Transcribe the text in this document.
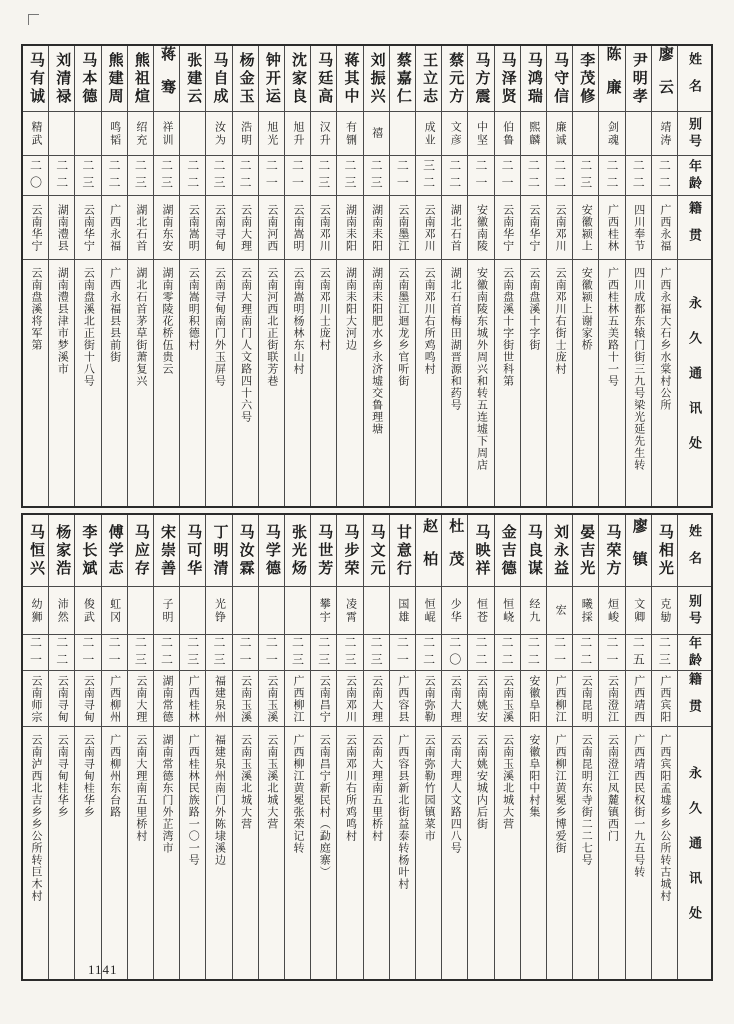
姓名
别号
年龄
籍贯
永久通讯处
廖云
靖涛
二二
广西永福
广西永福大石乡水棠村公所
尹明孝
二二
四川奉节
四川成都东辕门街三九号梁光延先生转
陈廉
剑魂
二二
广西桂林
广西桂林五美路十一号
李茂修
二三
安徽颍上
安徽颍上谢家桥
马守信
廉诚
二二
云南邓川
云南邓川右街士庞村
马鸿瑞
熙麟
二二
云南华宁
云南盘溪十字街
马泽贤
伯鲁
二一
云南华宁
云南盘溪十字街世科第
马方震
中坚
二一
安徽南陵
安徽南陵东城外周兴和转五连墟下周店
蔡元方
文彦
二二
湖北石首
湖北石首梅田湖晋源和药号
王立志
成业
三二
云南邓川
云南邓川右所鸡鸣村
蔡嘉仁
二一
云南墨江
云南墨江迴龙乡官听街
刘振兴
禧
二三
湖南耒阳
湖南耒阳肥水乡永济墟交鲁理塘
蒋其中
有铏
二三
湖南耒阳
湖南耒阳大河边
马廷高
汉升
二三
云南邓川
云南邓川士庞村
沈家良
旭升
二一
云南嵩明
云南嵩明杨林东山村
钟开运
旭光
二一
云南河西
云南河西北正街联芳巷
杨金玉
浩明
二二
云南大理
云南大理南门人文路四十六号
马自成
汝为
二三
云南寻甸
云南寻甸南门外玉屏号
张建云
二二
云南嵩明
云南嵩明积德村
蒋骞
祥训
二三
湖南东安
湖南零陵花桥伍贵云
熊祖煊
绍充
二三
湖北石首
湖北石首茅草街萧复兴
熊建周
鸣韬
二二
广西永福
广西永福县县前街
马本德
二三
云南华宁
云南盘溪北正街十八号
刘清禄
二二
湖南澧县
湖南澧县津市梦溪市
马有诚
精武
二〇
云南华宁
云南盘溪将军第
姓名
别号
年龄
籍贯
永久通讯处
马相光
克勄
二三
广西宾阳
广西宾阳孟墟乡乡公所转古城村
廖镇
文卿
二五
广西靖西
广西靖西民权街一九五号转
马荣方
烜峻
二一
云南澄江
云南澄江凤麓镇西门
晏吉光
曦採
二二
云南昆明
云南昆明东寺街二二七号
刘永益
宏
二一
广西柳江
广西柳江黄冕乡博爱街
马良谋
经九
二二
安徽阜阳
安徽阜阳中村集
金吉德
恒峣
二二
云南玉溪
云南玉溪北城大营
马映祥
恒苍
二二
云南姚安
云南姚安城内后街
杜茂
少华
二〇
云南大理
云南大理人文路四八号
赵柏
恒崐
二二
云南弥勒
云南弥勒竹园镇菜市
甘意行
国雄
二一
广西容县
广西容县新北街益泰转杨叶村
马文元
二三
云南大理
云南大理南五里桥村
马步荣
凌霄
二三
云南邓川
云南邓川右所鸡鸣村
马世芳
攀宇
二三
云南昌宁
云南昌宁新民村（勐庭寨）
张光炀
二三
广西柳江
广西柳江黄冕张荣记转
马学德
二一
云南玉溪
云南玉溪北城大营
马汝霖
二一
云南玉溪
云南玉溪北城大营
丁明清
光铮
二三
福建泉州
福建泉州南门外陈埭溪边
马可华
二三
广西桂林
广西桂林民族路一〇一号
宋崇善
子明
二二
湖南常德
湖南常德东门外芷湾市
马应存
二三
云南大理
云南大理南五里桥村
傅学志
虹冈
二一
广西柳州
广西柳州东台路
李长斌
俊武
二一
云南寻甸
云南寻甸桂华乡
杨家浩
沛然
二二
云南寻甸
云南寻甸桂华乡
马恒兴
幼狮
二一
云南师宗
云南泸西北吉乡乡公所转巨木村
1141
